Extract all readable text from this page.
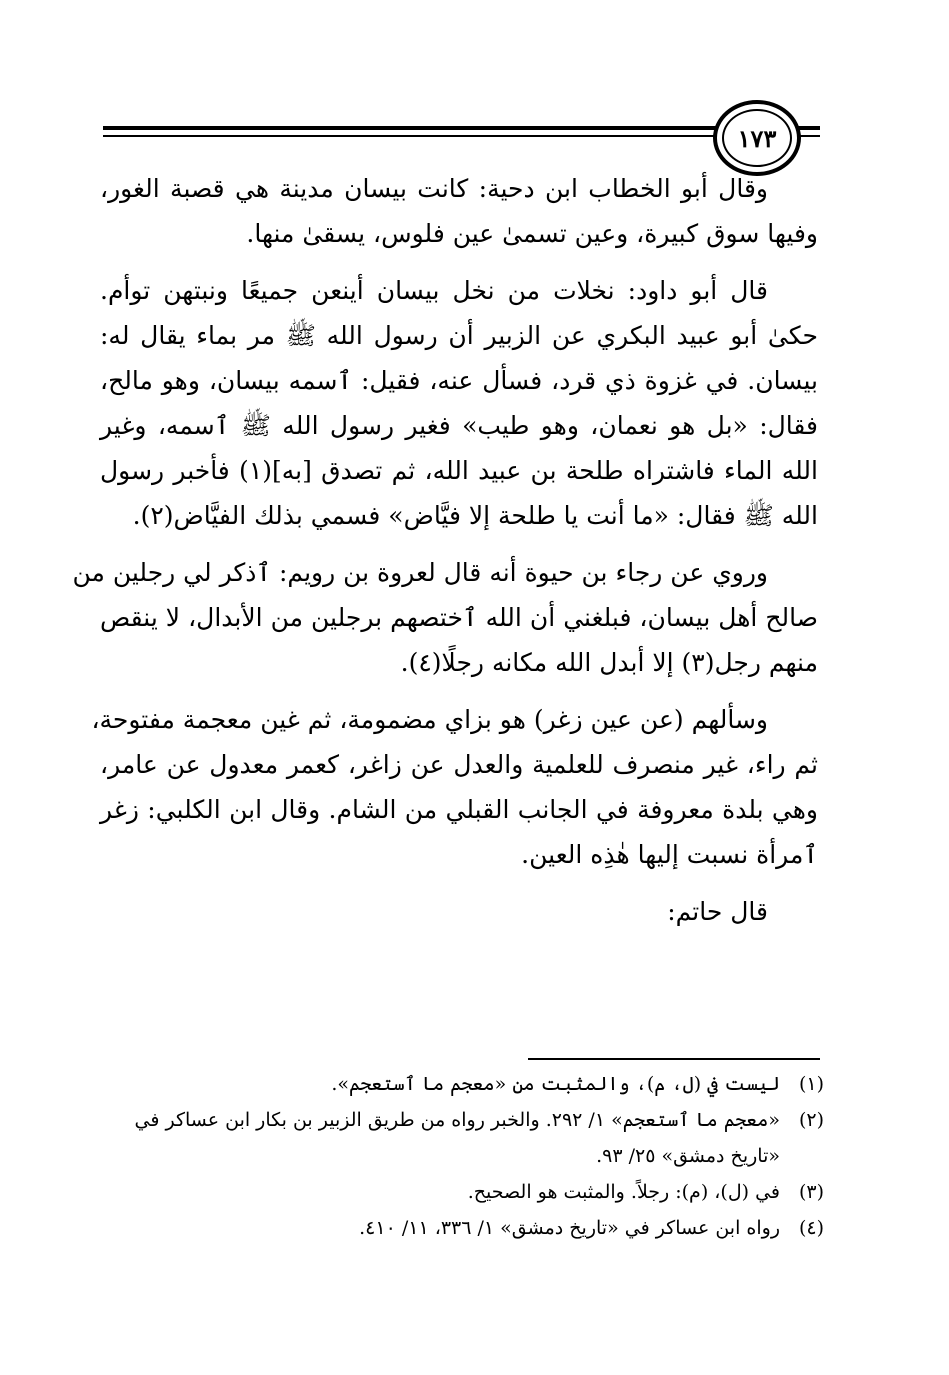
١٧٣
وقال أبو الخطاب ابن دحية: كانت بيسان مدينة هي قصبة الغور،
وفيها سوق كبيرة، وعين تسمىٰ عين فلوس، يسقىٰ منها.
قال أبو داود: نخلات من نخل بيسان أينعن جميعًا ونبتهن توأم.
حكىٰ أبو عبيد البكري عن الزبير أن رسول الله ﷺ مر بماء يقال له:
بيسان. في غزوة ذي قرد، فسأل عنه، فقيل: ٱسمه بيسان، وهو مالح،
فقال: «بل هو نعمان، وهو طيب» فغير رسول الله ﷺ ٱسمه، وغير
الله الماء فاشتراه طلحة بن عبيد الله، ثم تصدق [به](١) فأخبر رسول
الله ﷺ فقال: «ما أنت يا طلحة إلا فيَّاض» فسمي بذلك الفيَّاض(٢).
وروي عن رجاء بن حيوة أنه قال لعروة بن رويم: ٱذكر لي رجلين من
صالح أهل بيسان، فبلغني أن الله ٱختصهم برجلين من الأبدال، لا ينقص
منهم رجل(٣) إلا أبدل الله مكانه رجلًا(٤).
وسألهم (عن عين زغر) هو بزاي مضمومة، ثم غين معجمة مفتوحة،
ثم راء، غير منصرف للعلمية والعدل عن زاغر، كعمر معدول عن عامر،
وهي بلدة معروفة في الجانب القبلي من الشام. وقال ابن الكلبي: زغر
ٱمرأة نسبت إليها هٰذِه العين.
قال حاتم:
(١)
ليست في (ل، م)، والمثبت من «معجم ما ٱستعجم».
(٢)
«معجم ما ٱستعجم» ١/ ٢٩٢. والخبر رواه من طريق الزبير بن بكار ابن عساكر في
«تاريخ دمشق» ٢٥/ ٩٣.
(٣)
في (ل)، (م): رجلاً. والمثبت هو الصحيح.
(٤)
رواه ابن عساكر في «تاريخ دمشق» ١/ ٣٣٦، ١١/ ٤١٠.
